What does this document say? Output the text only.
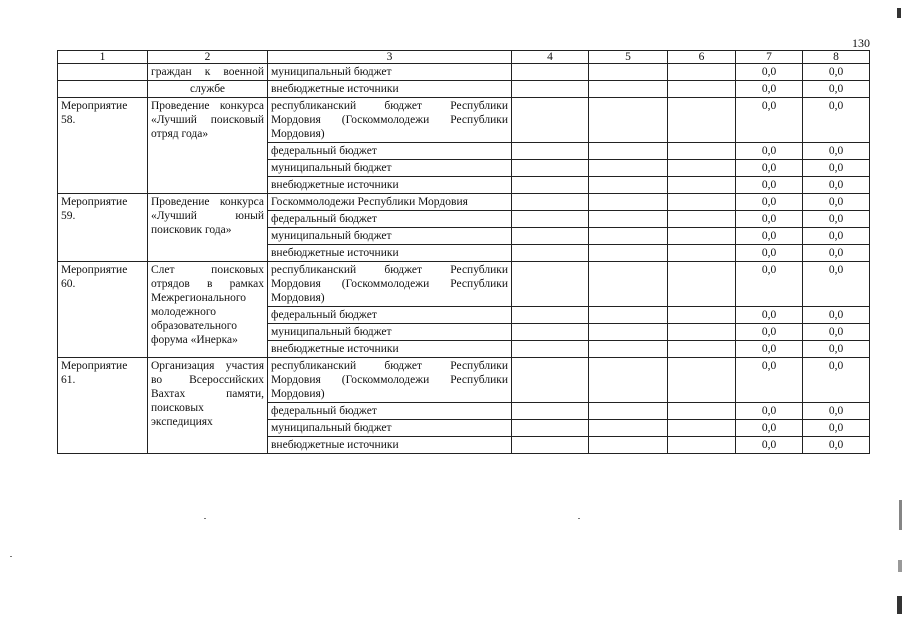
130
1	2	3	4	5	6	7	8
	граждан к военной	муниципальный бюджет				0,0	0,0
	службе	внебюджетные источники				0,0	0,0
Мероприятие 58.	Проведение конкурса «Лучший поисковый отряд года»	республиканский бюджет Республики Мордовия (Госкоммолодежи Республики Мордовия)				0,0	0,0
		федеральный бюджет				0,0	0,0
		муниципальный бюджет				0,0	0,0
		внебюджетные источники				0,0	0,0
Мероприятие 59.	Проведение конкурса «Лучший юный поисковик года»	Госкоммолодежи Республики Мордовия				0,0	0,0
		федеральный бюджет				0,0	0,0
		муниципальный бюджет				0,0	0,0
		внебюджетные источники				0,0	0,0
Мероприятие 60.	Слет поисковых отрядов в рамках Межрегионального молодежного образовательного форума «Инерка»	республиканский бюджет Республики Мордовия (Госкоммолодежи Республики Мордовия)				0,0	0,0
		федеральный бюджет				0,0	0,0
		муниципальный бюджет				0,0	0,0
		внебюджетные источники				0,0	0,0
Мероприятие 61.	Организация участия во Всероссийских Вахтах памяти, поисковых экспедициях	республиканский бюджет Республики Мордовия (Госкоммолодежи Республики Мордовия)				0,0	0,0
		федеральный бюджет				0,0	0,0
		муниципальный бюджет				0,0	0,0
		внебюджетные источники				0,0	0,0
